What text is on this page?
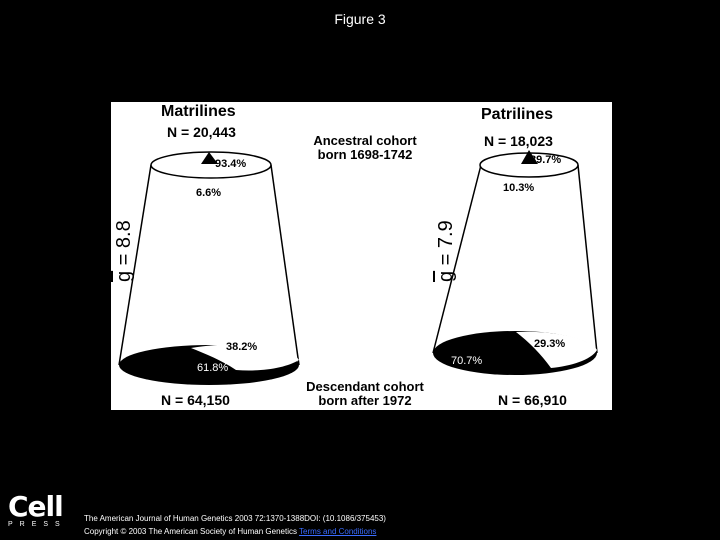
Figure 3
Matrilines
N = 20,443
93.4%
6.6%
$\overline{g} = 8.8$
38.2%
61.8%
N = 64,150
Ancestral cohort
born 1698-1742
Descendant cohort
born after 1972
Patrilines
N = 18,023
89.7%
10.3%
$\overline{g} = 7.9$
29.3%
70.7%
N = 66,910
Cell
PRESS
The American Journal of Human Genetics 2003 72:1370-1388DOI: (10.1086/375453)
Copyright © 2003 The American Society of Human Genetics Terms and Conditions
